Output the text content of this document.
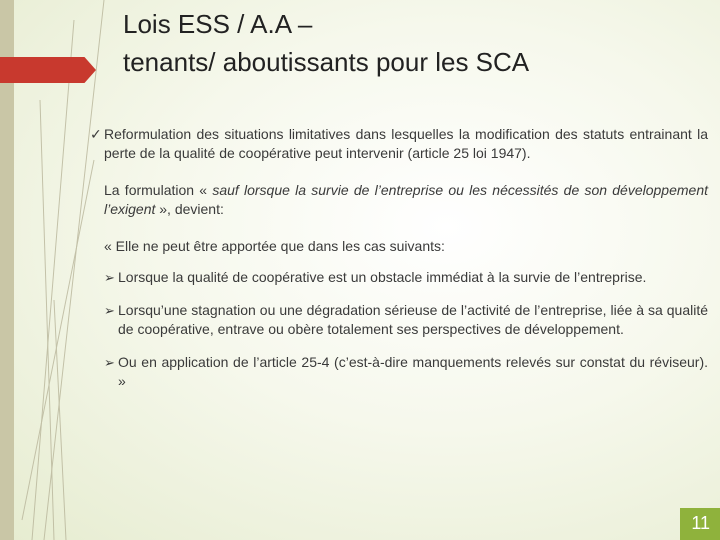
Lois ESS / A.A –
tenants/ aboutissants pour les SCA

✓ Reformulation des situations limitatives dans lesquelles la modification des statuts entrainant la perte de la qualité de coopérative peut intervenir (article 25 loi 1947).

La formulation « sauf lorsque la survie de l’entreprise ou les nécessités de son développement l’exigent », devient:

« Elle ne peut être apportée que dans les cas suivants:

➢ Lorsque la qualité de coopérative est un obstacle immédiat à la survie de l’entreprise.

➢ Lorsqu’une stagnation ou une dégradation sérieuse de l’activité de l’entreprise, liée à sa qualité de coopérative, entrave ou obère totalement ses perspectives de développement.

➢ Ou en application de l’article 25-4 (c’est-à-dire manquements relevés sur constat du réviseur). »

11
